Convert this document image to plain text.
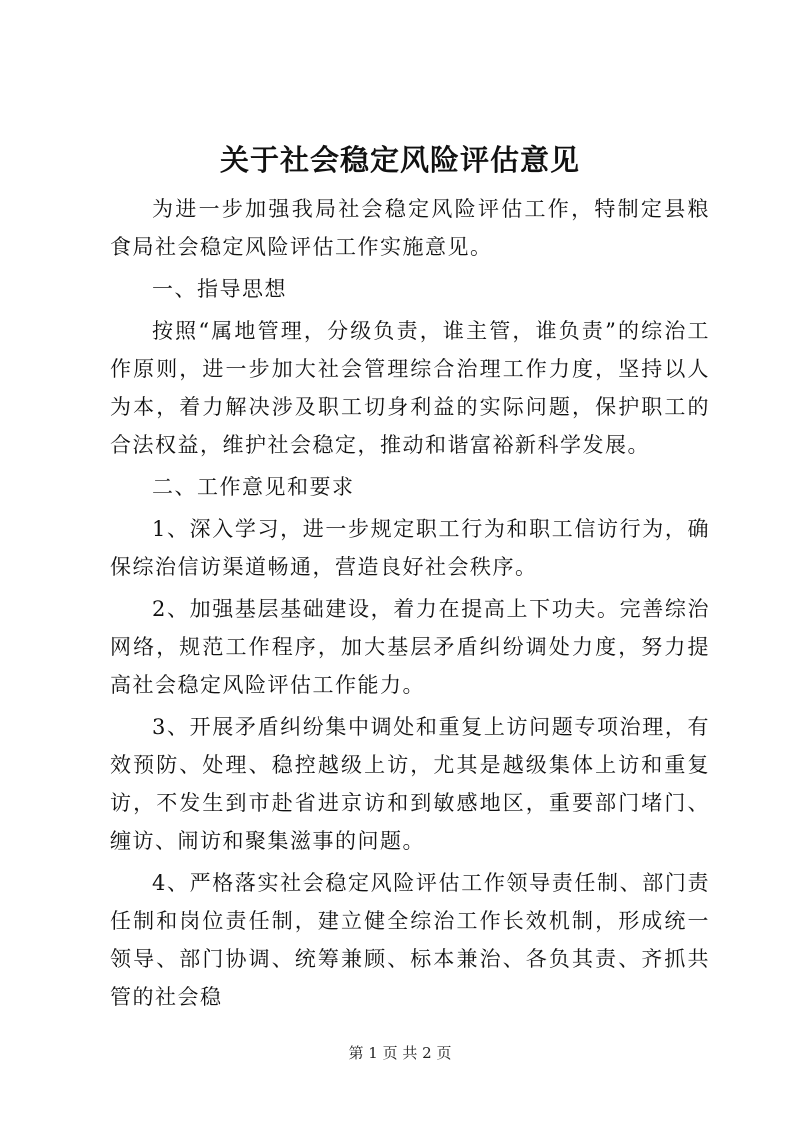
关于社会稳定风险评估意见

为进一步加强我局社会稳定风险评估工作，特制定县粮食局社会稳定风险评估工作实施意见。

一、指导思想

按照“属地管理，分级负责，谁主管，谁负责”的综治工作原则，进一步加大社会管理综合治理工作力度，坚持以人为本，着力解决涉及职工切身利益的实际问题，保护职工的合法权益，维护社会稳定，推动和谐富裕新科学发展。

二、工作意见和要求

1、深入学习，进一步规定职工行为和职工信访行为，确保综治信访渠道畅通，营造良好社会秩序。

2、加强基层基础建设，着力在提高上下功夫。完善综治网络，规范工作程序，加大基层矛盾纠纷调处力度，努力提高社会稳定风险评估工作能力。

3、开展矛盾纠纷集中调处和重复上访问题专项治理，有效预防、处理、稳控越级上访，尤其是越级集体上访和重复访，不发生到市赴省进京访和到敏感地区，重要部门堵门、缠访、闹访和聚集滋事的问题。

4、严格落实社会稳定风险评估工作领导责任制、部门责任制和岗位责任制，建立健全综治工作长效机制，形成统一领导、部门协调、统筹兼顾、标本兼治、各负其责、齐抓共管的社会稳

第 1 页 共 2 页
